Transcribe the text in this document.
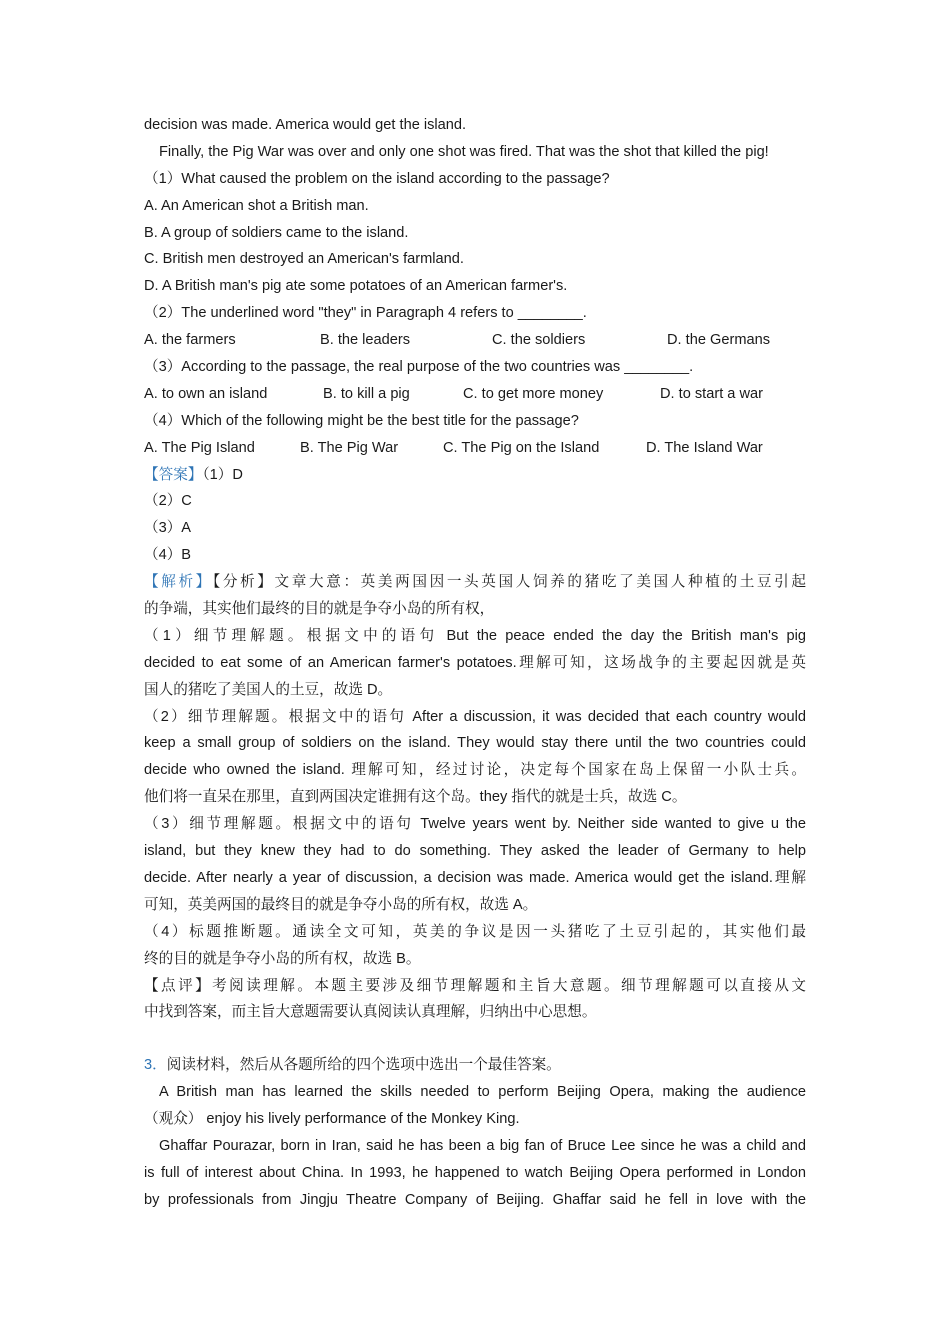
decision was made. America would get the island.
Finally, the Pig War was over and only one shot was fired. That was the shot that killed the pig!
（1）What caused the problem on the island according to the passage?
A. An American shot a British man.
B. A group of soldiers came to the island.
C. British men destroyed an American's farmland.
D. A British man's pig ate some potatoes of an American farmer's.
（2）The underlined word "they" in Paragraph 4 refers to ________.
A. the farmers	B. the leaders	C. the soldiers	D. the Germans
（3）According to the passage, the real purpose of the two countries was ________.
A. to own an island	B. to kill a pig	C. to get more money	D. to start a war
（4）Which of the following might be the best title for the passage?
A. The Pig Island	B. The Pig War	C. The Pig on the Island	D. The Island War
【答案】（1）D
（2）C
（3）A
（4）B
【解析】【分析】文章大意：英美两国因一头英国人饲养的猪吃了美国人种植的土豆引起
的争端，其实他们最终的目的就是争夺小岛的所有权，
（1）细节理解题。根据文中的语句 But the peace ended the day the British man's pig
decided to eat some of an American farmer's potatoes.理解可知，这场战争的主要起因就是英
国人的猪吃了美国人的土豆，故选 D。
（2）细节理解题。根据文中的语句 After a discussion, it was decided that each country would
keep a small group of soldiers on the island. They would stay there until the two countries could
decide who owned the island. 理解可知，经过讨论，决定每个国家在岛上保留一小队士兵。
他们将一直呆在那里，直到两国决定谁拥有这个岛。they 指代的就是士兵，故选 C。
（3）细节理解题。根据文中的语句 Twelve years went by. Neither side wanted to give u the
island, but they knew they had to do something. They asked the leader of Germany to help
decide. After nearly a year of discussion, a decision was made. America would get the island.理解
可知，英美两国的最终目的就是争夺小岛的所有权，故选 A。
（4）标题推断题。通读全文可知，英美的争议是因一头猪吃了土豆引起的，其实他们最
终的目的就是争夺小岛的所有权，故选 B。
【点评】考阅读理解。本题主要涉及细节理解题和主旨大意题。细节理解题可以直接从文
中找到答案，而主旨大意题需要认真阅读认真理解，归纳出中心思想。
3．阅读材料，然后从各题所给的四个选项中选出一个最佳答案。
A British man has learned the skills needed to perform Beijing Opera, making the audience
（观众） enjoy his lively performance of the Monkey King.
Ghaffar Pourazar, born in Iran, said he has been a big fan of Bruce Lee since he was a child and
is full of interest about China. In 1993, he happened to watch Beijing Opera performed in London
by professionals from Jingju Theatre Company of Beijing. Ghaffar said he fell in love with the
